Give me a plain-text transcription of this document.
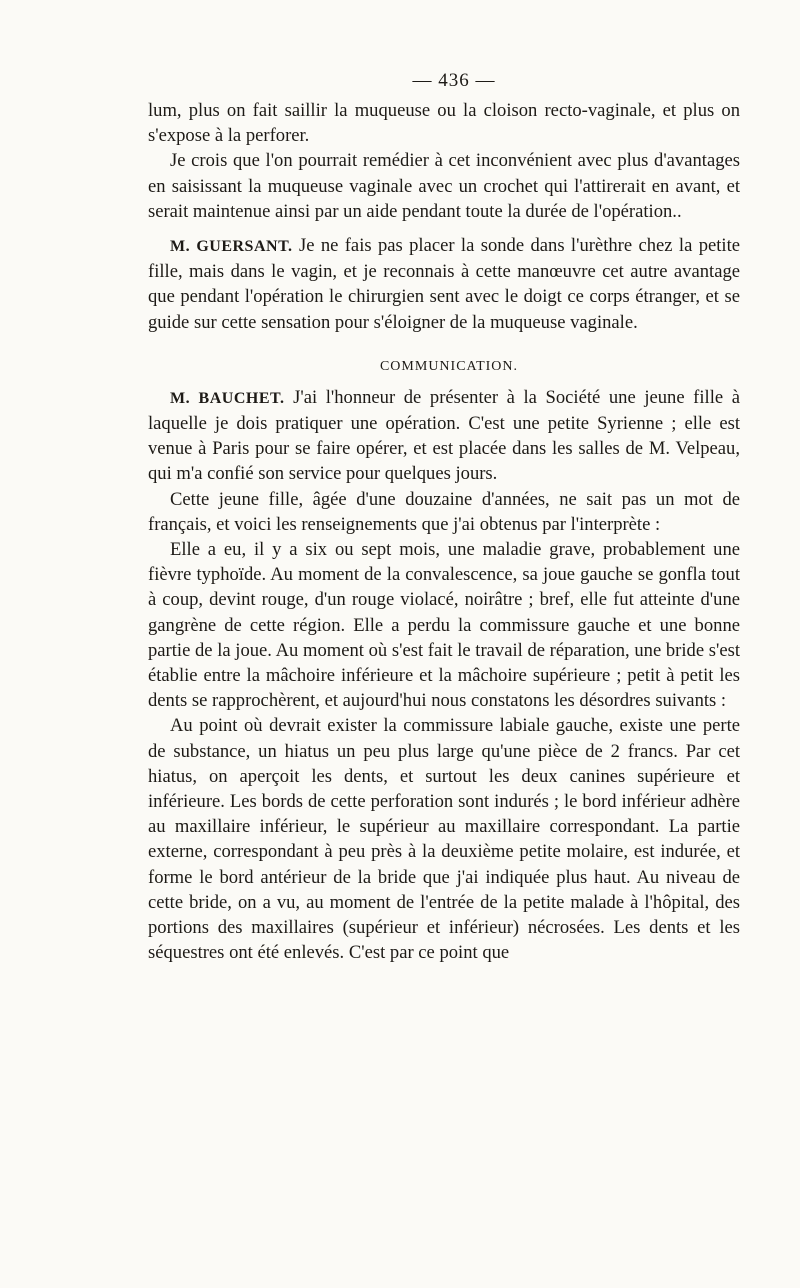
— 436 —

lum, plus on fait saillir la muqueuse ou la cloison recto-vaginale, et plus on s'expose à la perforer.

Je crois que l'on pourrait remédier à cet inconvénient avec plus d'avantages en saisissant la muqueuse vaginale avec un crochet qui l'attirerait en avant, et serait maintenue ainsi par un aide pendant toute la durée de l'opération..

M. GUERSANT. Je ne fais pas placer la sonde dans l'urèthre chez la petite fille, mais dans le vagin, et je reconnais à cette manœuvre cet autre avantage que pendant l'opération le chirurgien sent avec le doigt ce corps étranger, et se guide sur cette sensation pour s'éloigner de la muqueuse vaginale.

COMMUNICATION.

M. BAUCHET. J'ai l'honneur de présenter à la Société une jeune fille à laquelle je dois pratiquer une opération. C'est une petite Syrienne ; elle est venue à Paris pour se faire opérer, et est placée dans les salles de M. Velpeau, qui m'a confié son service pour quelques jours.

Cette jeune fille, âgée d'une douzaine d'années, ne sait pas un mot de français, et voici les renseignements que j'ai obtenus par l'interprète :

Elle a eu, il y a six ou sept mois, une maladie grave, probablement une fièvre typhoïde. Au moment de la convalescence, sa joue gauche se gonfla tout à coup, devint rouge, d'un rouge violacé, noirâtre ; bref, elle fut atteinte d'une gangrène de cette région. Elle a perdu la commissure gauche et une bonne partie de la joue. Au moment où s'est fait le travail de réparation, une bride s'est établie entre la mâchoire inférieure et la mâchoire supérieure ; petit à petit les dents se rapprochèrent, et aujourd'hui nous constatons les désordres suivants :

Au point où devrait exister la commissure labiale gauche, existe une perte de substance, un hiatus un peu plus large qu'une pièce de 2 francs. Par cet hiatus, on aperçoit les dents, et surtout les deux canines supérieure et inférieure. Les bords de cette perforation sont indurés ; le bord inférieur adhère au maxillaire inférieur, le supérieur au maxillaire correspondant. La partie externe, correspondant à peu près à la deuxième petite molaire, est indurée, et forme le bord antérieur de la bride que j'ai indiquée plus haut. Au niveau de cette bride, on a vu, au moment de l'entrée de la petite malade à l'hôpital, des portions des maxillaires (supérieur et inférieur) nécrosées. Les dents et les séquestres ont été enlevés. C'est par ce point que
